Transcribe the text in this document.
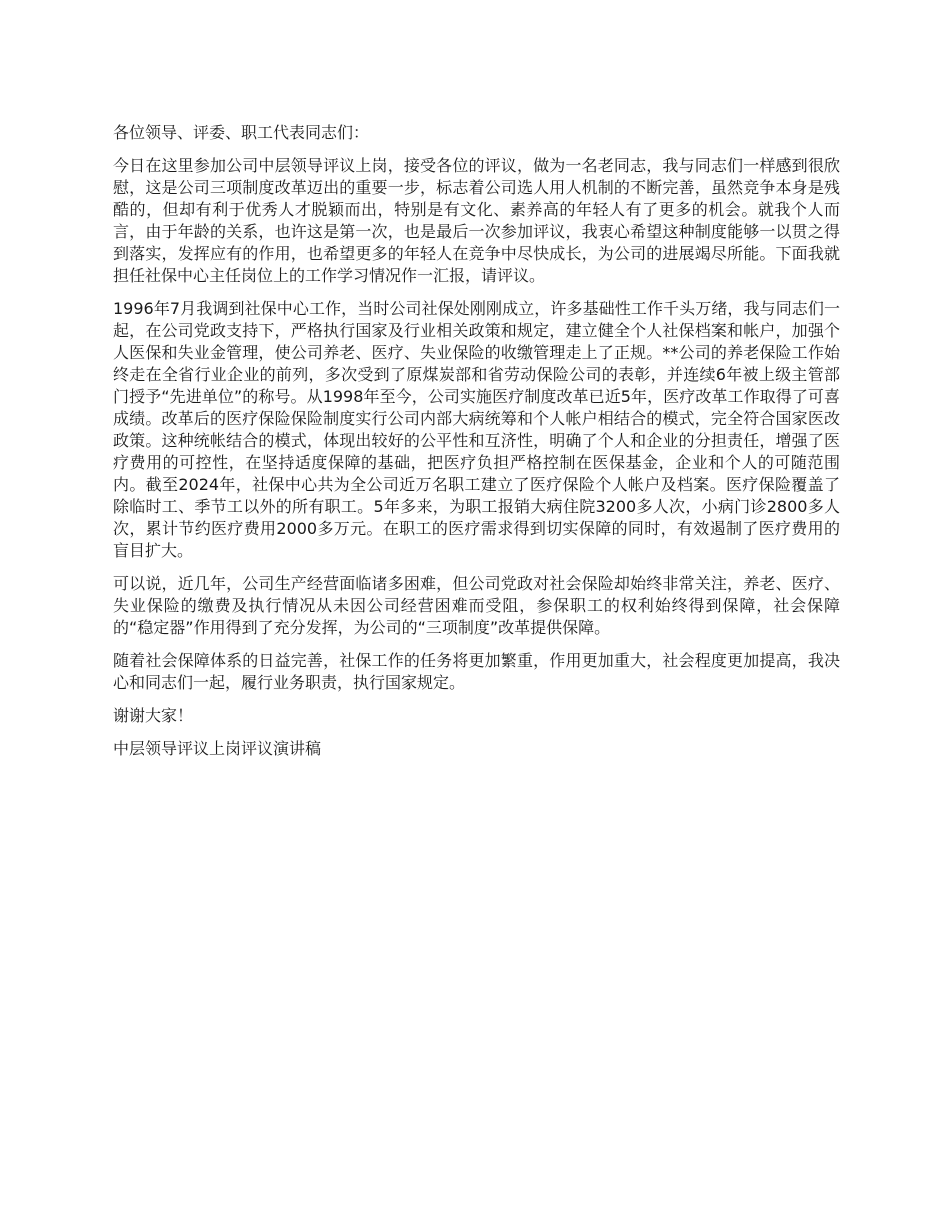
各位领导、评委、职工代表同志们：

今日在这里参加公司中层领导评议上岗，接受各位的评议，做为一名老同志，我与同志们一样感到很欣慰，这是公司三项制度改革迈出的重要一步，标志着公司选人用人机制的不断完善，虽然竞争本身是残酷的，但却有利于优秀人才脱颖而出，特别是有文化、素养高的年轻人有了更多的机会。就我个人而言，由于年龄的关系，也许这是第一次，也是最后一次参加评议，我衷心希望这种制度能够一以贯之得到落实，发挥应有的作用，也希望更多的年轻人在竞争中尽快成长，为公司的进展竭尽所能。下面我就担任社保中心主任岗位上的工作学习情况作一汇报，请评议。

1996年7月我调到社保中心工作，当时公司社保处刚刚成立，许多基础性工作千头万绪，我与同志们一起，在公司党政支持下，严格执行国家及行业相关政策和规定，建立健全个人社保档案和帐户，加强个人医保和失业金管理，使公司养老、医疗、失业保险的收缴管理走上了正规。**公司的养老保险工作始终走在全省行业企业的前列，多次受到了原煤炭部和省劳动保险公司的表彰，并连续6年被上级主管部门授予“先进单位”的称号。从1998年至今，公司实施医疗制度改革已近5年，医疗改革工作取得了可喜成绩。改革后的医疗保险保险制度实行公司内部大病统筹和个人帐户相结合的模式，完全符合国家医改政策。这种统帐结合的模式，体现出较好的公平性和互济性，明确了个人和企业的分担责任，增强了医疗费用的可控性，在坚持适度保障的基础，把医疗负担严格控制在医保基金，企业和个人的可随范围内。截至2024年，社保中心共为全公司近万名职工建立了医疗保险个人帐户及档案。医疗保险覆盖了除临时工、季节工以外的所有职工。5年多来，为职工报销大病住院3200多人次，小病门诊2800多人次，累计节约医疗费用2000多万元。在职工的医疗需求得到切实保障的同时，有效遏制了医疗费用的盲目扩大。

可以说，近几年，公司生产经营面临诸多困难，但公司党政对社会保险却始终非常关注，养老、医疗、失业保险的缴费及执行情况从未因公司经营困难而受阻，参保职工的权利始终得到保障，社会保障的“稳定器”作用得到了充分发挥，为公司的“三项制度”改革提供保障。

随着社会保障体系的日益完善，社保工作的任务将更加繁重，作用更加重大，社会程度更加提高，我决心和同志们一起，履行业务职责，执行国家规定。

谢谢大家！

中层领导评议上岗评议演讲稿
